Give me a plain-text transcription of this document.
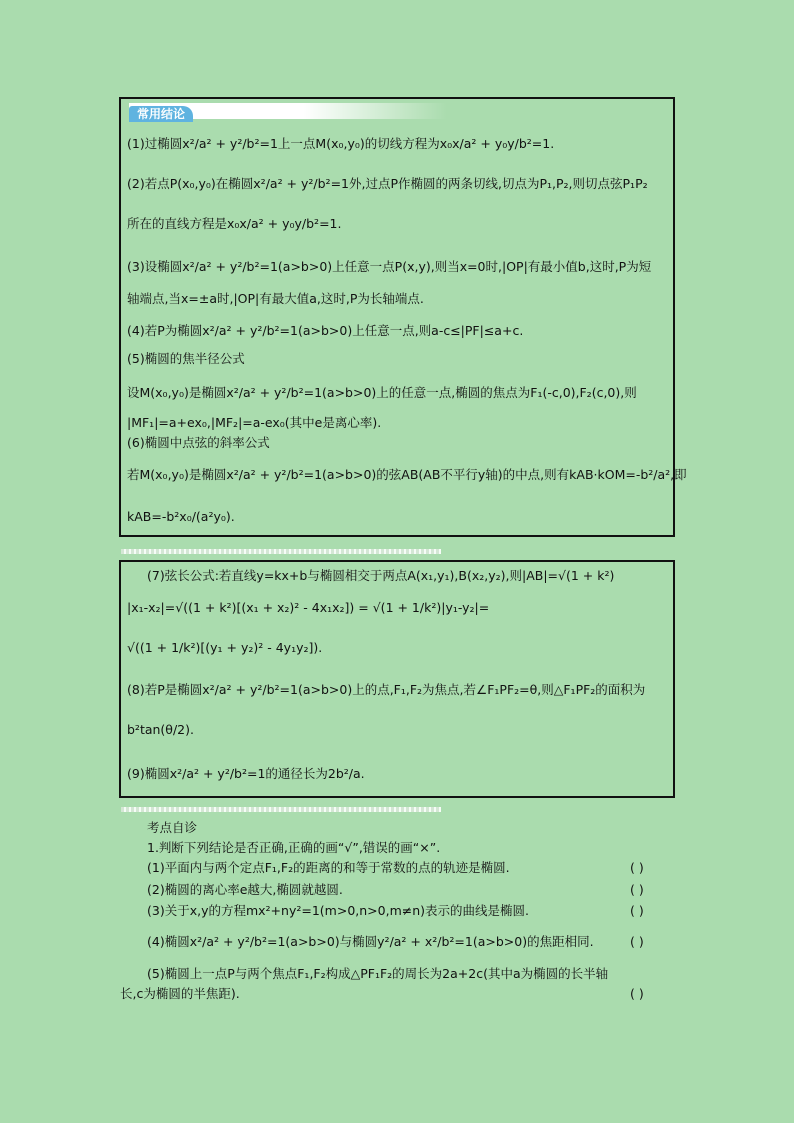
常用结论
(1)过椭圆x²/a² + y²/b²=1上一点M(x₀,y₀)的切线方程为x₀x/a² + y₀y/b²=1.
(2)若点P(x₀,y₀)在椭圆x²/a² + y²/b²=1外,过点P作椭圆的两条切线,切点为P₁,P₂,则切点弦P₁P₂
所在的直线方程是x₀x/a² + y₀y/b²=1.
(3)设椭圆x²/a² + y²/b²=1(a>b>0)上任意一点P(x,y),则当x=0时,|OP|有最小值b,这时,P为短
轴端点,当x=±a时,|OP|有最大值a,这时,P为长轴端点.
(4)若P为椭圆x²/a² + y²/b²=1(a>b>0)上任意一点,则a-c≤|PF|≤a+c.
(5)椭圆的焦半径公式
设M(x₀,y₀)是椭圆x²/a² + y²/b²=1(a>b>0)上的任意一点,椭圆的焦点为F₁(-c,0),F₂(c,0),则
|MF₁|=a+ex₀,|MF₂|=a-ex₀(其中e是离心率).
(6)椭圆中点弦的斜率公式
若M(x₀,y₀)是椭圆x²/a² + y²/b²=1(a>b>0)的弦AB(AB不平行y轴)的中点,则有kAB·kOM=-b²/a²,即
kAB=-b²x₀/(a²y₀).
(7)弦长公式:若直线y=kx+b与椭圆相交于两点A(x₁,y₁),B(x₂,y₂),则|AB|=√(1 + k²)
|x₁-x₂|=√((1 + k²)[(x₁ + x₂)² - 4x₁x₂]) = √(1 + 1/k²)|y₁-y₂|=
√((1 + 1/k²)[(y₁ + y₂)² - 4y₁y₂]).
(8)若P是椭圆x²/a² + y²/b²=1(a>b>0)上的点,F₁,F₂为焦点,若∠F₁PF₂=θ,则△F₁PF₂的面积为
b²tan(θ/2).
(9)椭圆x²/a² + y²/b²=1的通径长为2b²/a.
考点自诊
1.判断下列结论是否正确,正确的画“√”,错误的画“×”.
(1)平面内与两个定点F₁,F₂的距离的和等于常数的点的轨迹是椭圆.	( )
(2)椭圆的离心率e越大,椭圆就越圆.	( )
(3)关于x,y的方程mx²+ny²=1(m>0,n>0,m≠n)表示的曲线是椭圆.	( )
(4)椭圆x²/a² + y²/b²=1(a>b>0)与椭圆y²/a² + x²/b²=1(a>b>0)的焦距相同.	( )
(5)椭圆上一点P与两个焦点F₁,F₂构成△PF₁F₂的周长为2a+2c(其中a为椭圆的长半轴
长,c为椭圆的半焦距).	( )
